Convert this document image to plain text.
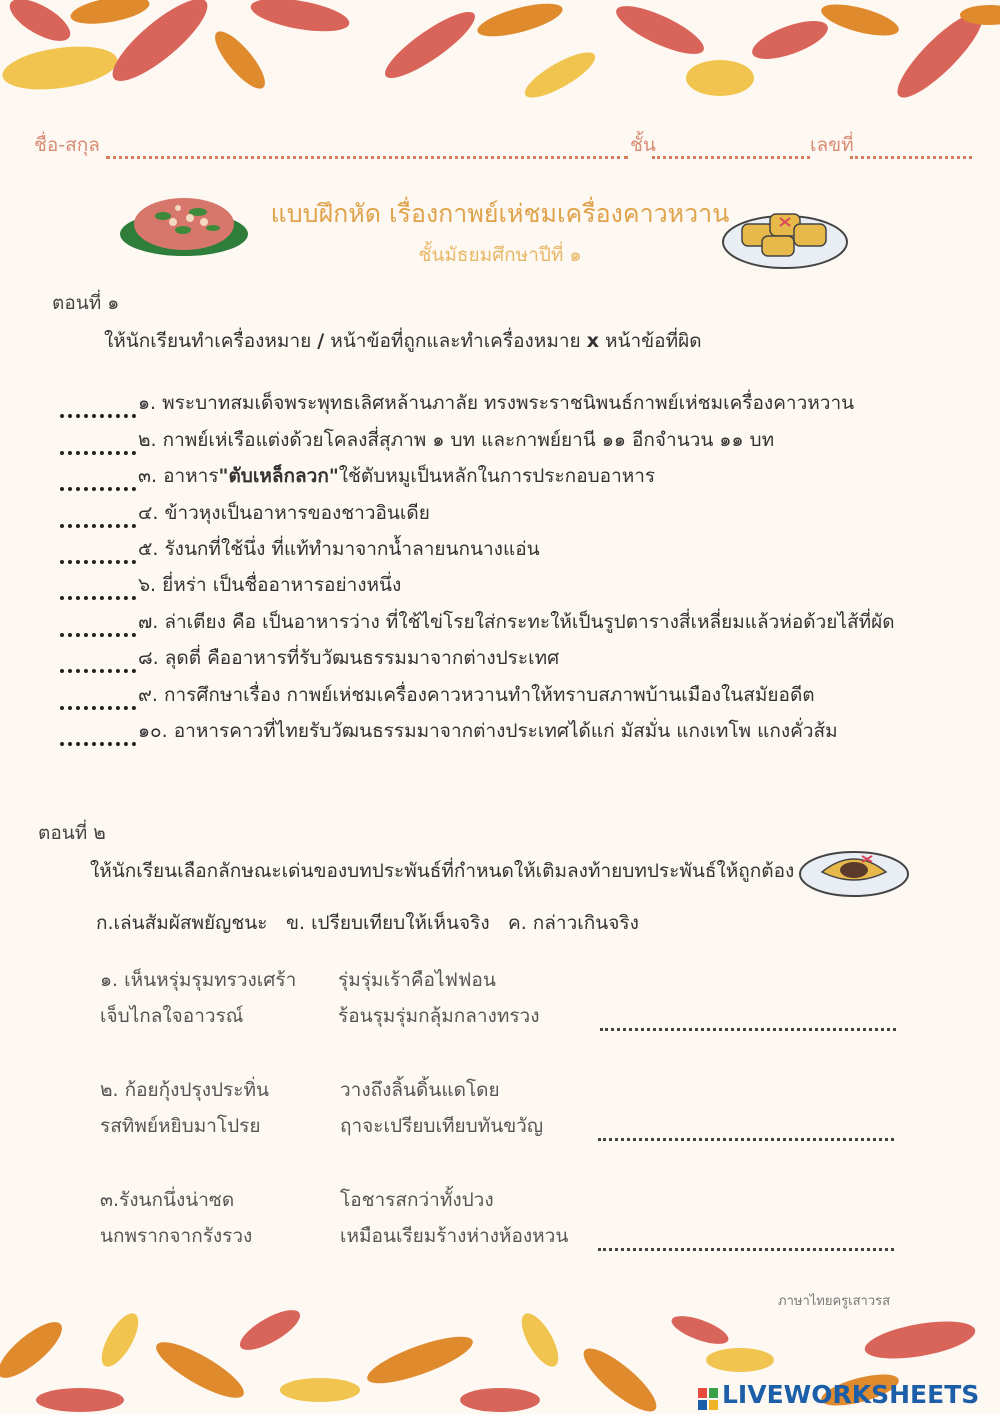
ชื่อ-สกุล	ชั้น	เลขที่
แบบฝึกหัด เรื่องกาพย์เห่ชมเครื่องคาวหวาน
ชั้นมัธยมศึกษาปีที่ ๑
ตอนที่ ๑
ให้นักเรียนทำเครื่องหมาย / หน้าข้อที่ถูกและทำเครื่องหมาย x หน้าข้อที่ผิด
๑. พระบาทสมเด็จพระพุทธเลิศหล้านภาลัย ทรงพระราชนิพนธ์กาพย์เห่ชมเครื่องคาวหวาน
๒. กาพย์เห่เรือแต่งด้วยโคลงสี่สุภาพ ๑ บท และกาพย์ยานี ๑๑ อีกจำนวน ๑๑ บท
๓. อาหาร "ตับเหล็กลวก" ใช้ตับหมูเป็นหลักในการประกอบอาหาร
๔. ข้าวหุงเป็นอาหารของชาวอินเดีย
๕. รังนกที่ใช้นึ่ง ที่แท้ทำมาจากน้ำลายนกนางแอ่น
๖. ยี่หร่า เป็นชื่ออาหารอย่างหนึ่ง
๗. ล่าเตียง คือ เป็นอาหารว่าง ที่ใช้ไข่โรยใส่กระทะให้เป็นรูปตารางสี่เหลี่ยมแล้วห่อด้วยไส้ที่ผัด
๘. ลุดตี่ คืออาหารที่รับวัฒนธรรมมาจากต่างประเทศ
๙. การศึกษาเรื่อง กาพย์เห่ชมเครื่องคาวหวานทำให้ทราบสภาพบ้านเมืองในสมัยอดีต
๑๐. อาหารคาวที่ไทยรับวัฒนธรรมมาจากต่างประเทศได้แก่ มัสมั่น แกงเทโพ แกงคั่วส้ม
ตอนที่ ๒
ให้นักเรียนเลือกลักษณะเด่นของบทประพันธ์ที่กำหนดให้เติมลงท้ายบทประพันธ์ให้ถูกต้อง
ก.เล่นสัมผัสพยัญชนะ ข. เปรียบเทียบให้เห็นจริง ค. กล่าวเกินจริง
๑. เห็นหรุ่มรุมทรวงเศร้า
เจ็บไกลใจอาวรณ์
รุ่มรุ่มเร้าคือไฟฟอน
ร้อนรุมรุ่มกลุ้มกลางทรวง
๒. ก้อยกุ้งปรุงประทิ่น
รสทิพย์หยิบมาโปรย
วางถึงลิ้นดิ้นแดโดย
ฤาจะเปรียบเทียบทันขวัญ
๓.รังนกนึ่งน่าซด
นกพรากจากรังรวง
โอชารสกว่าทั้งปวง
เหมือนเรียมร้างห่างห้องหวน
ภาษาไทยครูเสาวรส
LIVEWORKSHEETS
